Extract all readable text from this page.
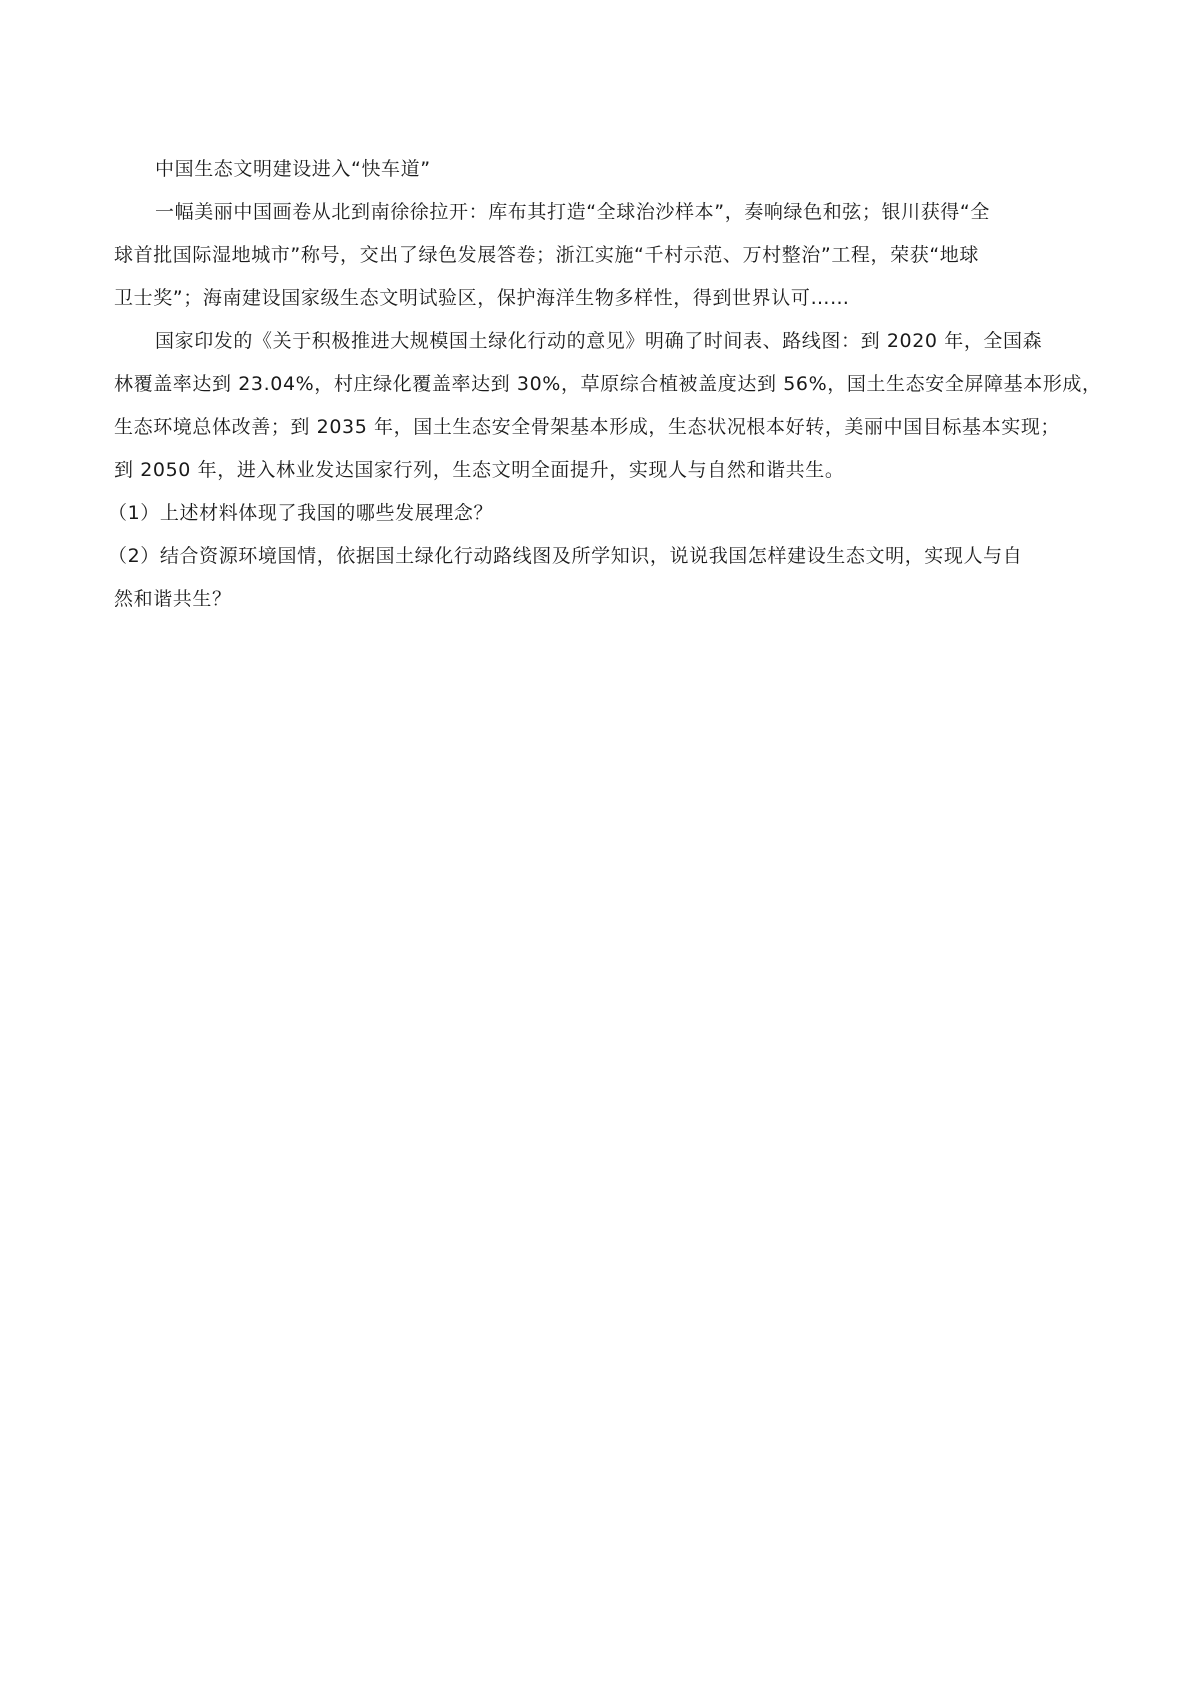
中国生态文明建设进入“快车道”
一幅美丽中国画卷从北到南徐徐拉开：库布其打造“全球治沙样本”，奏响绿色和弦；银川获得“全
球首批国际湿地城市”称号，交出了绿色发展答卷；浙江实施“千村示范、万村整治”工程，荣获“地球
卫士奖”；海南建设国家级生态文明试验区，保护海洋生物多样性，得到世界认可……
国家印发的《关于积极推进大规模国土绿化行动的意见》明确了时间表、路线图：到 2020 年，全国森
林覆盖率达到 23.04%，村庄绿化覆盖率达到 30%，草原综合植被盖度达到 56%，国土生态安全屏障基本形成，
生态环境总体改善；到 2035 年，国土生态安全骨架基本形成，生态状况根本好转，美丽中国目标基本实现；
到 2050 年，进入林业发达国家行列，生态文明全面提升，实现人与自然和谐共生。
（1）上述材料体现了我国的哪些发展理念？
（2）结合资源环境国情，依据国土绿化行动路线图及所学知识，说说我国怎样建设生态文明，实现人与自
然和谐共生？
